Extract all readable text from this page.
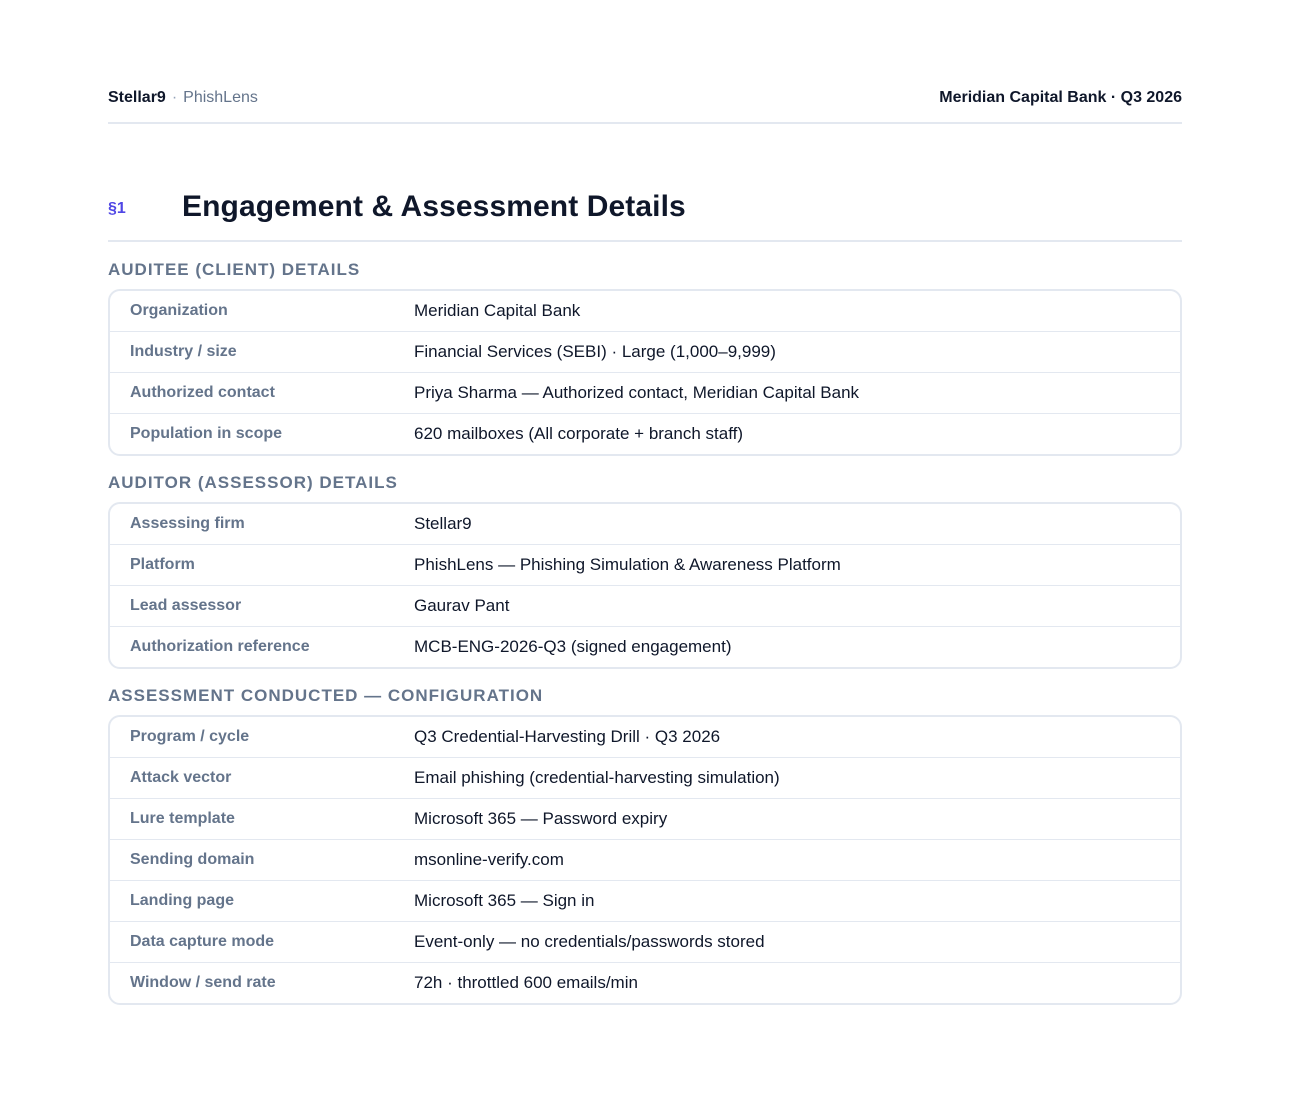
Stellar9 · PhishLens	Meridian Capital Bank · Q3 2026
§1 Engagement & Assessment Details
AUDITEE (CLIENT) DETAILS
Organization	Meridian Capital Bank
Industry / size	Financial Services (SEBI) · Large (1,000–9,999)
Authorized contact	Priya Sharma — Authorized contact, Meridian Capital Bank
Population in scope	620 mailboxes (All corporate + branch staff)
AUDITOR (ASSESSOR) DETAILS
Assessing firm	Stellar9
Platform	PhishLens — Phishing Simulation & Awareness Platform
Lead assessor	Gaurav Pant
Authorization reference	MCB-ENG-2026-Q3 (signed engagement)
ASSESSMENT CONDUCTED — CONFIGURATION
Program / cycle	Q3 Credential-Harvesting Drill · Q3 2026
Attack vector	Email phishing (credential-harvesting simulation)
Lure template	Microsoft 365 — Password expiry
Sending domain	msonline-verify.com
Landing page	Microsoft 365 — Sign in
Data capture mode	Event-only — no credentials/passwords stored
Window / send rate	72h · throttled 600 emails/min
